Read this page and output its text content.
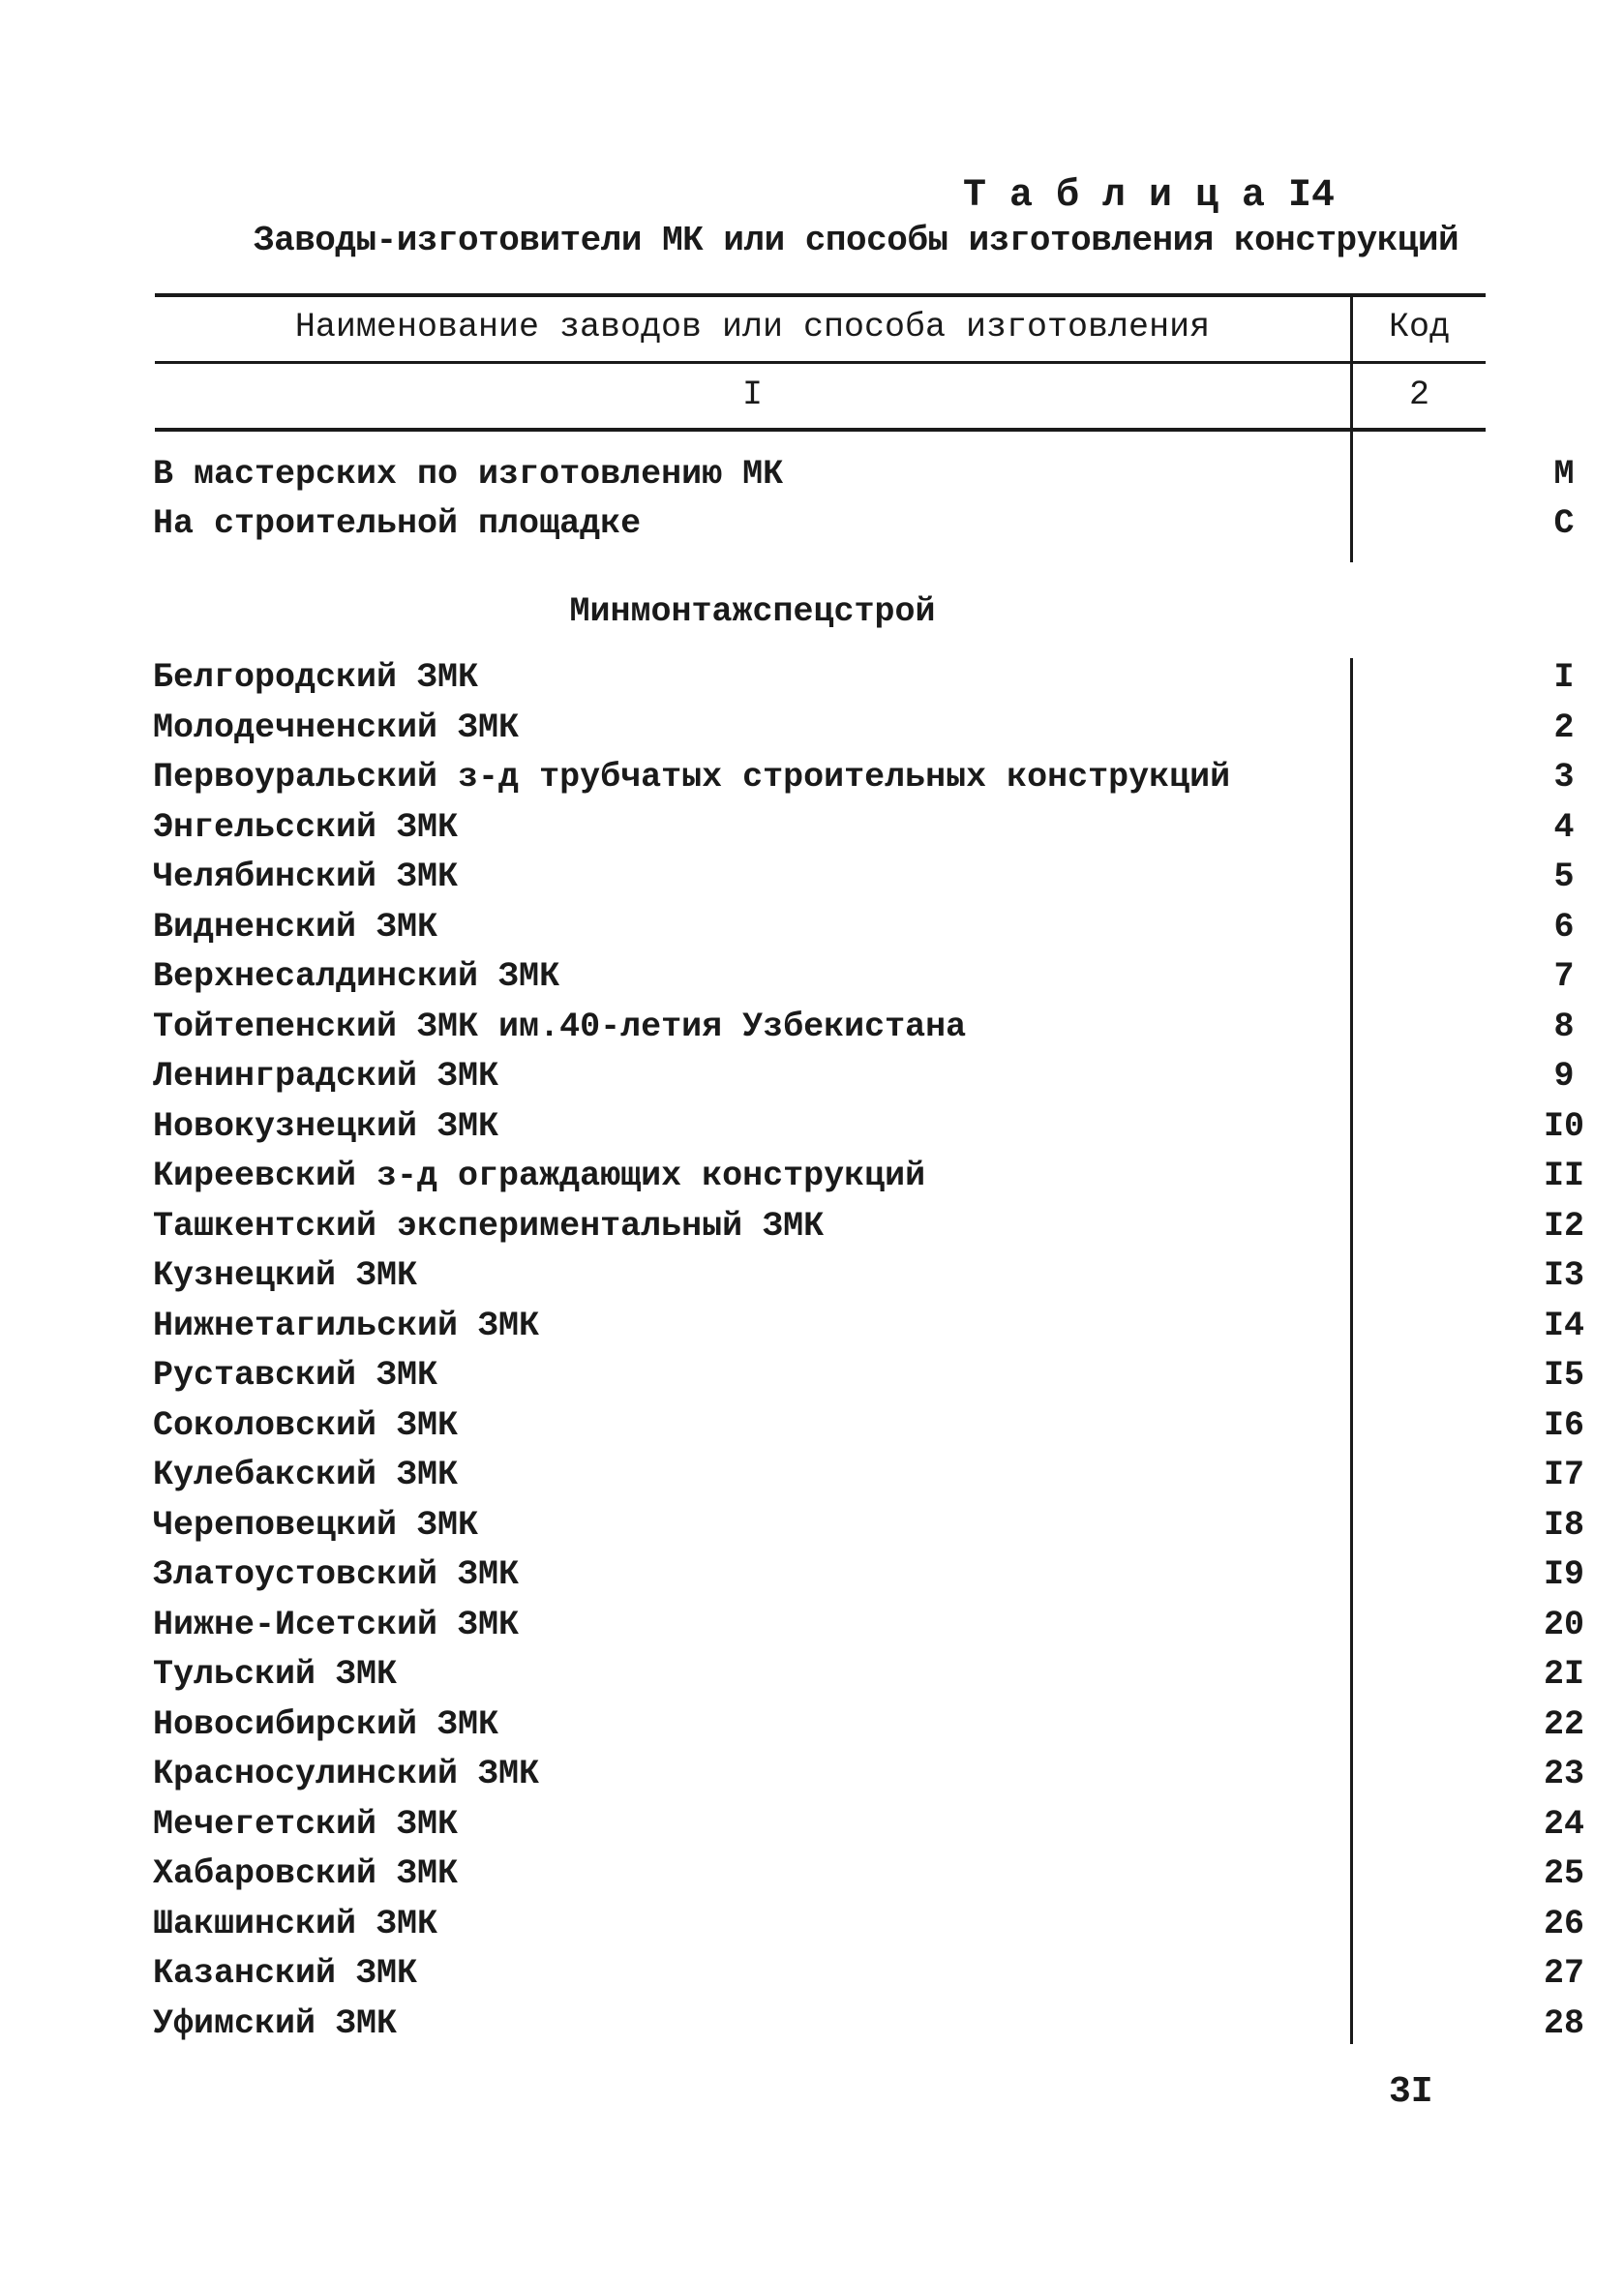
Т а б л и ц а I4
Заводы-изготовители МК или способы изготовления конструкций
Наименование заводов или способа изготовления	Код
I	2
В мастерских по изготовлению МК	М
На строительной площадке	С
Минмонтажспецстрой
Белгородский ЗМК	I
Молодечненский ЗМК	2
Первоуральский з-д трубчатых строительных конструкций	3
Энгельсский ЗМК	4
Челябинский ЗМК	5
Видненский ЗМК	6
Верхнесалдинский ЗМК	7
Тойтепенский ЗМК им.40-летия Узбекистана	8
Ленинградский ЗМК	9
Новокузнецкий ЗМК	I0
Киреевский з-д ограждающих конструкций	II
Ташкентский экспериментальный ЗМК	I2
Кузнецкий ЗМК	I3
Нижнетагильский ЗМК	I4
Руставский ЗМК	I5
Соколовский ЗМК	I6
Кулебакский ЗМК	I7
Череповецкий ЗМК	I8
Златоустовский ЗМК	I9
Нижне-Исетский ЗМК	20
Тульский ЗМК	2I
Новосибирский ЗМК	22
Красносулинский ЗМК	23
Мечегетский ЗМК	24
Хабаровский ЗМК	25
Шакшинский ЗМК	26
Казанский ЗМК	27
Уфимский ЗМК	28
3I
